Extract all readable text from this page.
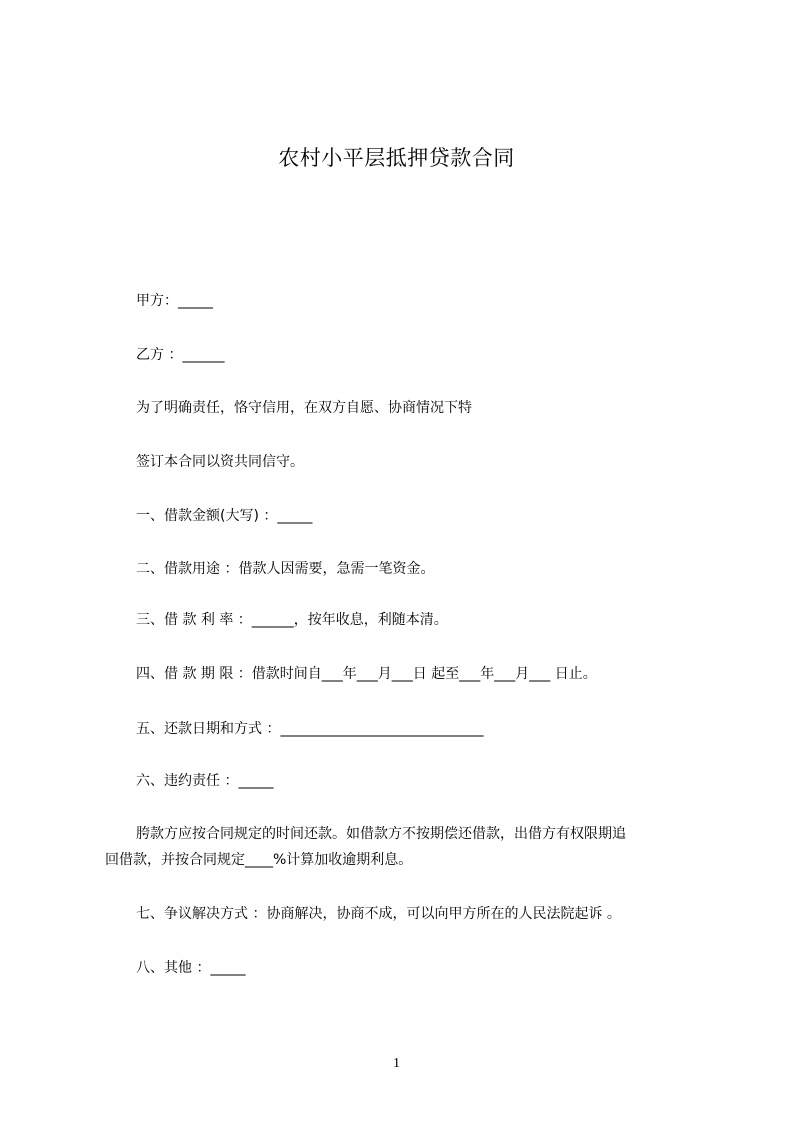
农村小平层抵押贷款合同
甲方：_____
乙方 ：______
为了明确责任，恪守信用，在双方自愿、协商情况下特
签订本合同以资共同信守。
一、借款金额(大写) ：_____
二、借款用途 ：借款人因需要，急需一笔资金。
三、借 款 利 率 ：______，按年收息，利随本清。
四、借 款 期 限 ：借款时间自___年___月___日 起至___年___月___ 日止。
五、还款日期和方式 ：_____________________________
六、违约责任 ：_____
胯款方应按合同规定的时间还款。如借款方不按期偿还借款，出借方有权限期追
回借款，并按合同规定____%计算加收逾期利息。
七、争议解决方式 ：协商解决，协商不成，可以向甲方所在的人民法院起诉 。
八、其他 ：_____
1
